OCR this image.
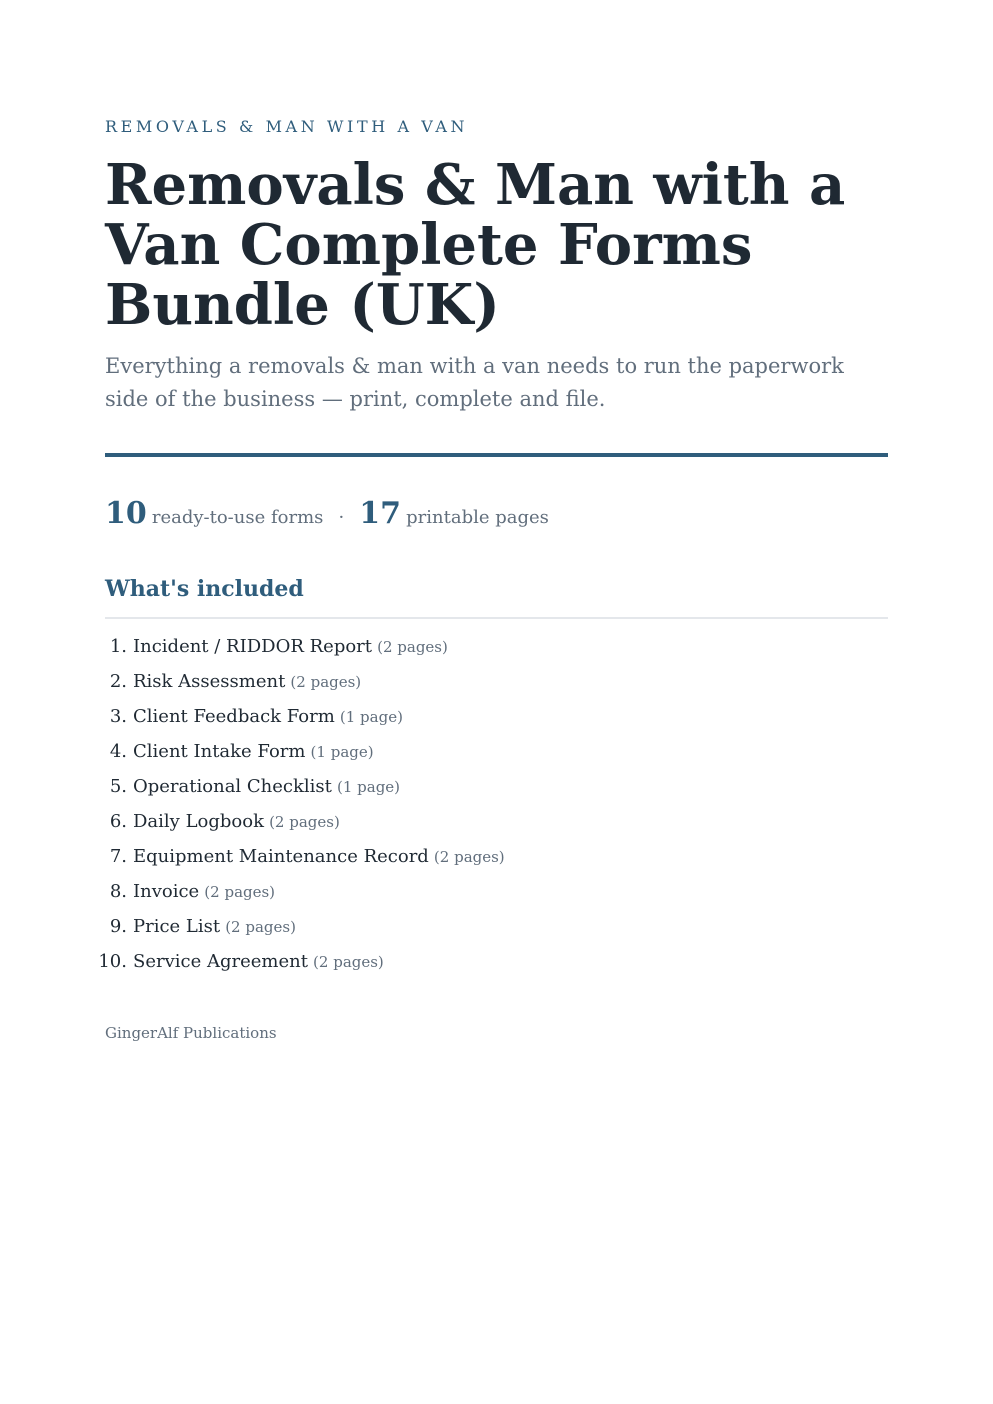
REMOVALS & MAN WITH A VAN
Removals & Man with a Van Complete Forms Bundle (UK)

Everything a removals & man with a van needs to run the paperwork side of the business — print, complete and file.

10 ready-to-use forms · 17 printable pages
What's included
1. Incident / RIDDOR Report (2 pages)
2. Risk Assessment (2 pages)
3. Client Feedback Form (1 page)
4. Client Intake Form (1 page)
5. Operational Checklist (1 page)
6. Daily Logbook (2 pages)
7. Equipment Maintenance Record (2 pages)
8. Invoice (2 pages)
9. Price List (2 pages)
10. Service Agreement (2 pages)
GingerAlf Publications
